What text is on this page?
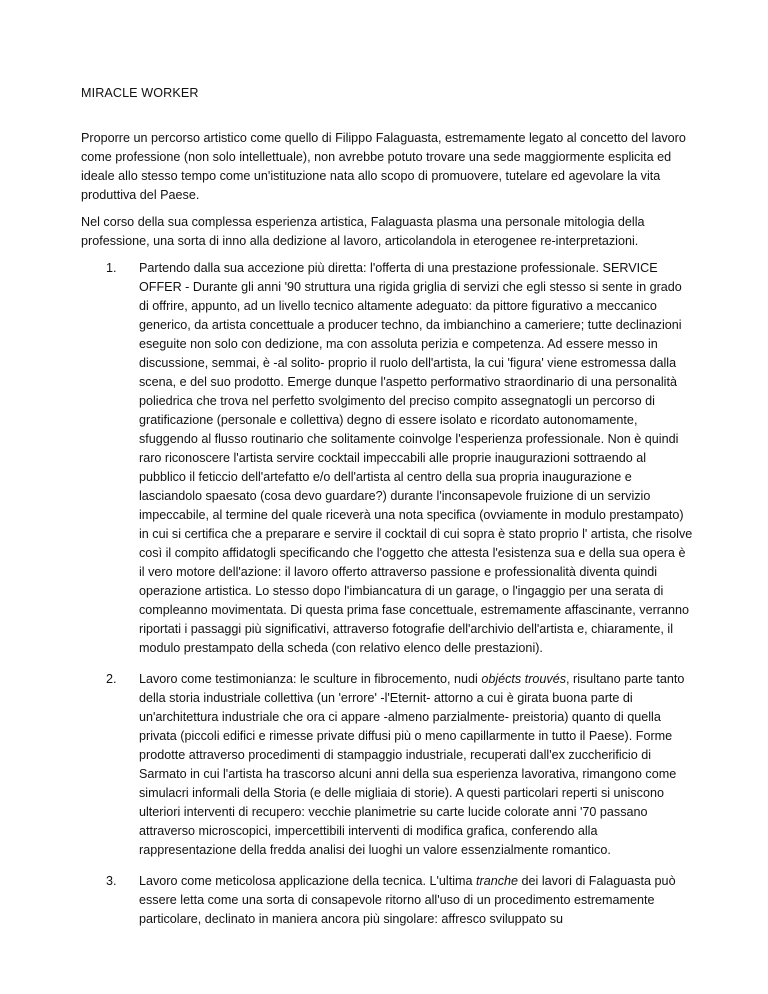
MIRACLE WORKER

Proporre un percorso artistico come quello di Filippo Falaguasta, estremamente legato al concetto del lavoro come professione (non solo intellettuale), non avrebbe potuto trovare una sede maggiormente esplicita ed ideale allo stesso tempo come un'istituzione nata allo scopo di promuovere, tutelare ed agevolare la vita produttiva del Paese.

Nel corso della sua complessa esperienza artistica, Falaguasta plasma una personale mitologia della professione, una sorta di inno alla dedizione al lavoro, articolandola in eterogenee re-interpretazioni.

1. Partendo dalla sua accezione più diretta: l'offerta di una prestazione professionale. SERVICE OFFER - Durante gli anni '90 struttura una rigida griglia di servizi che egli stesso si sente in grado di offrire, appunto, ad un livello tecnico altamente adeguato: da pittore figurativo a meccanico generico, da artista concettuale a producer techno, da imbianchino a cameriere; tutte declinazioni eseguite non solo con dedizione, ma con assoluta perizia e competenza. Ad essere messo in discussione, semmai, è -al solito- proprio il ruolo dell'artista, la cui 'figura' viene estromessa dalla scena, e del suo prodotto. Emerge dunque l'aspetto performativo straordinario di una personalità poliedrica che trova nel perfetto svolgimento del preciso compito assegnatogli un percorso di gratificazione (personale e collettiva) degno di essere isolato e ricordato autonomamente, sfuggendo al flusso routinario che solitamente coinvolge l'esperienza professionale. Non è quindi raro riconoscere l'artista servire cocktail impeccabili alle proprie inaugurazioni sottraendo al pubblico il feticcio dell'artefatto e/o dell'artista al centro della sua propria inaugurazione e lasciandolo spaesato (cosa devo guardare?) durante l'inconsapevole fruizione di un servizio impeccabile, al termine del quale riceverà una nota specifica (ovviamente in modulo prestampato) in cui si certifica che a preparare e servire il cocktail di cui sopra è stato proprio l' artista, che risolve così il compito affidatogli specificando che l'oggetto che attesta l'esistenza sua e della sua opera è il vero motore dell'azione: il lavoro offerto attraverso passione e professionalità diventa quindi operazione artistica. Lo stesso dopo l'imbiancatura di un garage, o l'ingaggio per una serata di compleanno movimentata. Di questa prima fase concettuale, estremamente affascinante, verranno riportati i passaggi più significativi, attraverso fotografie dell'archivio dell'artista e, chiaramente, il modulo prestampato della scheda (con relativo elenco delle prestazioni).

2. Lavoro come testimonianza: le sculture in fibrocemento, nudi objécts trouvés, risultano parte tanto della storia industriale collettiva (un 'errore' -l'Eternit- attorno a cui è girata buona parte di un'architettura industriale che ora ci appare -almeno parzialmente- preistoria) quanto di quella privata (piccoli edifici e rimesse private diffusi più o meno capillarmente in tutto il Paese). Forme prodotte attraverso procedimenti di stampaggio industriale, recuperati dall'ex zuccherificio di Sarmato in cui l'artista ha trascorso alcuni anni della sua esperienza lavorativa, rimangono come simulacri informali della Storia (e delle migliaia di storie). A questi particolari reperti si uniscono ulteriori interventi di recupero: vecchie planimetrie su carte lucide colorate anni '70 passano attraverso microscopici, impercettibili interventi di modifica grafica, conferendo alla rappresentazione della fredda analisi dei luoghi un valore essenzialmente romantico.

3. Lavoro come meticolosa applicazione della tecnica. L'ultima tranche dei lavori di Falaguasta può essere letta come una sorta di consapevole ritorno all'uso di un procedimento estremamente particolare, declinato in maniera ancora più singolare: affresco sviluppato su
